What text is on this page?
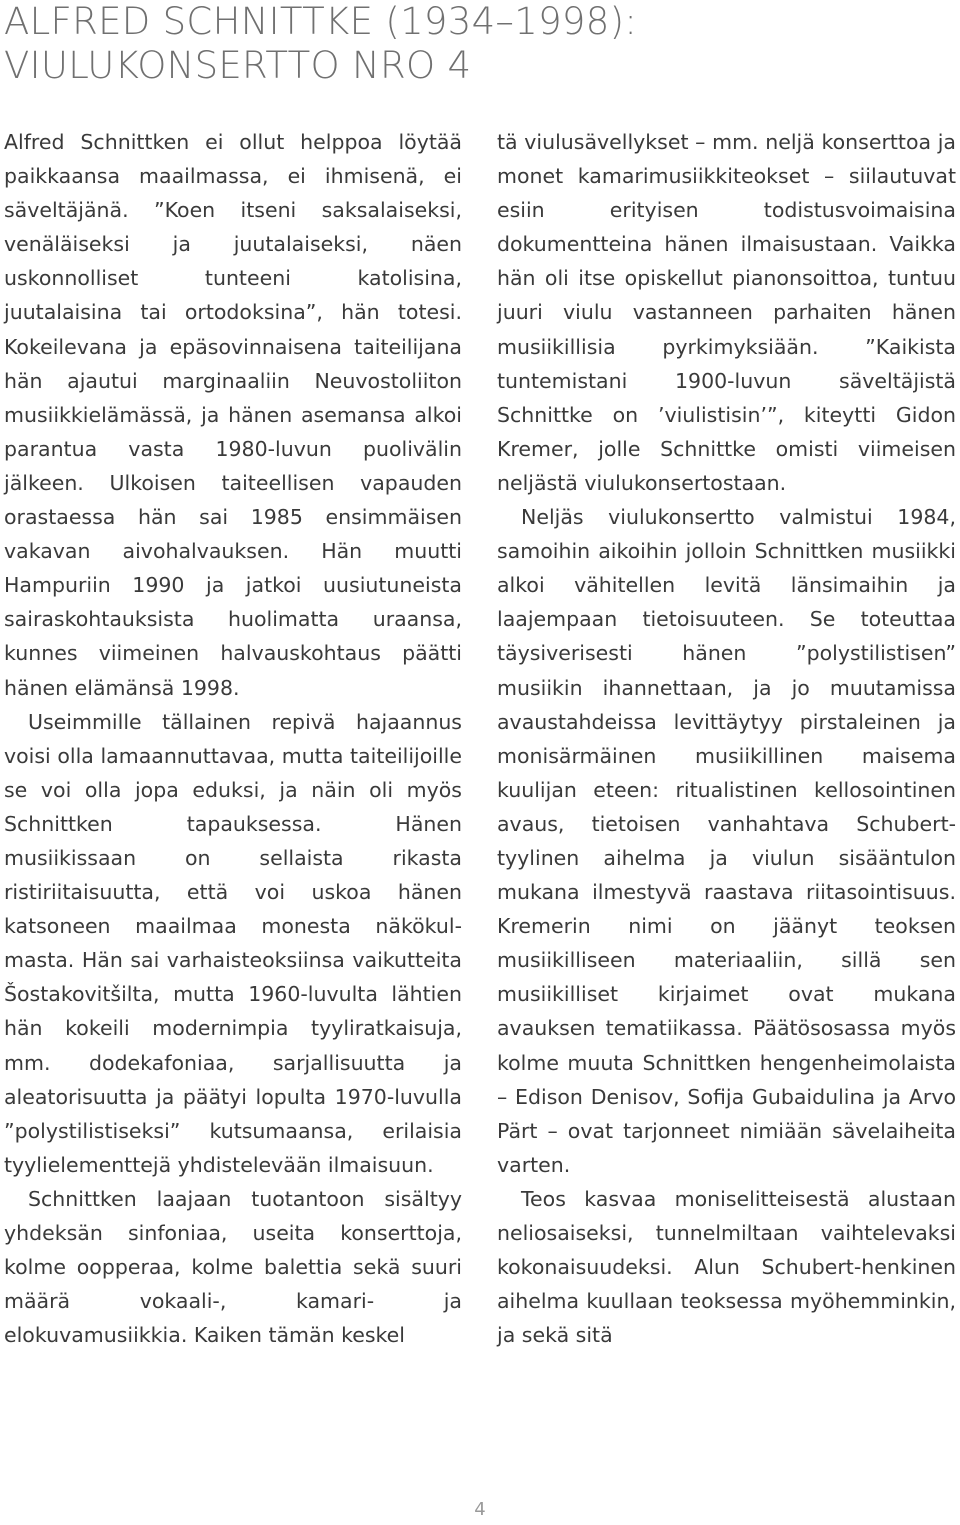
ALFRED SCHNITTKE (1934–1998):
VIULUKONSERTTO NRO 4

Alfred Schnittken ei ollut helppoa löytää paikkaansa maailmassa, ei ihmisenä, ei säveltäjänä. ”Koen itseni saksalaiseksi, venäläiseksi ja juutalaiseksi, näen uskonnolliset tunteeni katolisina, juutalaisina tai ortodoksina”, hän totesi. Kokeilevana ja epäsovinnaisena taiteilijana hän ajautui marginaaliin Neuvostoliiton musiikkielämässä, ja hänen asemansa alkoi parantua vasta 1980-luvun puolivälin jälkeen. Ulkoisen taiteellisen vapauden orastaessa hän sai 1985 ensimmäisen vakavan aivohalvauksen. Hän muutti Hampuriin 1990 ja jatkoi uusiutuneista sairaskohtauksista huolimatta uraansa, kunnes viimeinen halvauskohtaus päätti hänen elämänsä 1998.

Useimmille tällainen repivä hajaannus voisi olla lamaannuttavaa, mutta taiteilijoille se voi olla jopa eduksi, ja näin oli myös Schnittken tapauksessa. Hänen musiikissaan on sellaista rikasta ristiriitaisuutta, että voi uskoa hänen katsoneen maailmaa monesta näkökulmasta. Hän sai varhaisteoksiinsa vaikutteita Šostakovitšilta, mutta 1960-luvulta lähtien hän kokeili modernimpia tyyliratkaisuja, mm. dodekafoniaa, sarjallisuutta ja aleatorisuutta ja päätyi lopulta 1970-luvulla ”polystilistiseksi” kutsumaansa, erilaisia tyylielementtejä yhdistelevään ilmaisuun.

Schnittken laajaan tuotantoon sisältyy yhdeksän sinfoniaa, useita konserttoja, kolme oopperaa, kolme balettia sekä suuri määrä vokaali-, kamari- ja elokuvamusiikkia. Kaiken tämän keskel

tä viulusävellykset – mm. neljä konserttoa ja monet kamarimusiikkiteokset – siilautuvat esiin erityisen todistusvoimaisina dokumentteina hänen ilmaisustaan. Vaikka hän oli itse opiskellut pianonsoittoa, tuntuu juuri viulu vastanneen parhaiten hänen musiikillisia pyrkimyksiään. ”Kaikista tuntemistani 1900-luvun säveltäjistä Schnittke on ’viulistisin’”, kiteytti Gidon Kremer, jolle Schnittke omisti viimeisen neljästä viulukonsertostaan.

Neljäs viulukonsertto valmistui 1984, samoihin aikoihin jolloin Schnittken musiikki alkoi vähitellen levitä länsimaihin ja laajempaan tietoisuuteen. Se toteuttaa täysiverisesti hänen ”polystilistisen” musiikin ihannettaan, ja jo muutamissa avaustahdeissa levittäytyy pirstaleinen ja monisärmäinen musiikillinen maisema kuulijan eteen: ritualistinen kellosointinen avaus, tietoisen vanhahtava Schubert-tyylinen aihelma ja viulun sisääntulon mukana ilmestyvä raastava riitasointisuus. Kremerin nimi on jäänyt teoksen musiikilliseen materiaaliin, sillä sen musiikilliset kirjaimet ovat mukana avauksen tematiikassa. Päätösosassa myös kolme muuta Schnittken hengenheimolaista – Edison Denisov, Sofija Gubaidulina ja Arvo Pärt – ovat tarjonneet nimiään sävelaiheita varten.

Teos kasvaa moniselitteisestä alustaan neliosaiseksi, tunnelmiltaan vaihtelevaksi kokonaisuudeksi. Alun Schubert-henkinen aihelma kuullaan teoksessa myöhemminkin, ja sekä sitä

4
